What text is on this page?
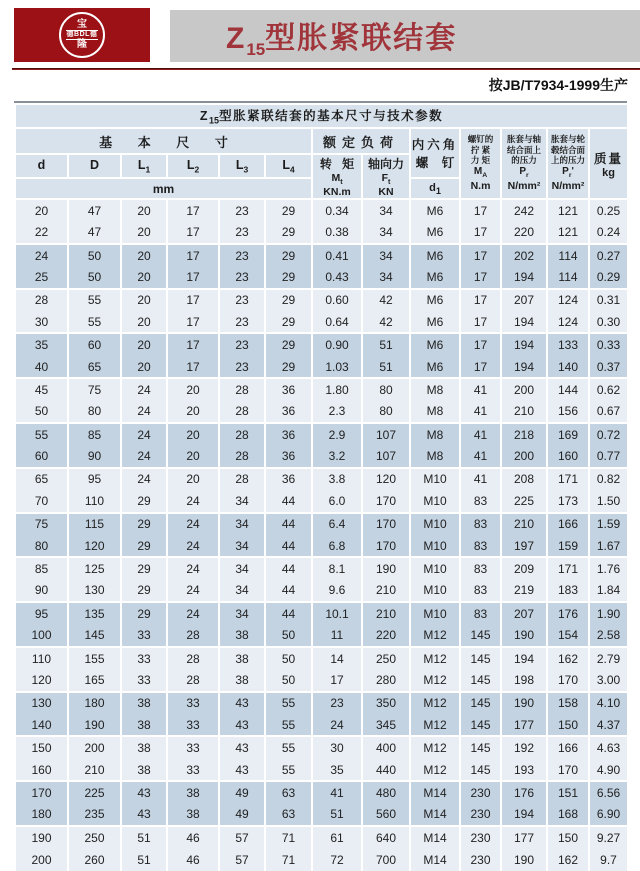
宝
德BDL德
隆	$Z_{15}$型胀紧联结套
按JB/T7934-1999生产
$Z_{15}$型胀紧联结套的基本尺寸与技术参数												
基 本 尺 寸	额定负荷	内六角
螺 钉

螺钉的
拧 紧
力 矩
$M_A$
N.m

胀套与轴
结合面上
的压力
$P_r$
N/mm²

胀套与轮
毂结合面
上的压力
$P_r'$
N/mm²

质量
kg

d	D	$L_1$	$L_2$	$L_3$	$L_4$	转 矩
$M_t$
KN.m

轴向力
$F_t$
KN

mm								$d_1$
20	47	20	17	23	29	0.34	34	M6	17	242	121	0.25
22	47	20	17	23	29	0.38	34	M6	17	220	121	0.24
24	50	20	17	23	29	0.41	34	M6	17	202	114	0.27
25	50	20	17	23	29	0.43	34	M6	17	194	114	0.29
28	55	20	17	23	29	0.60	42	M6	17	207	124	0.31
30	55	20	17	23	29	0.64	42	M6	17	194	124	0.30
35	60	20	17	23	29	0.90	51	M6	17	194	133	0.33
40	65	20	17	23	29	1.03	51	M6	17	194	140	0.37
45	75	24	20	28	36	1.80	80	M8	41	200	144	0.62
50	80	24	20	28	36	2.3	80	M8	41	210	156	0.67
55	85	24	20	28	36	2.9	107	M8	41	218	169	0.72
60	90	24	20	28	36	3.2	107	M8	41	200	160	0.77
65	95	24	20	28	36	3.8	120	M10	41	208	171	0.82
70	110	29	24	34	44	6.0	170	M10	83	225	173	1.50
75	115	29	24	34	44	6.4	170	M10	83	210	166	1.59
80	120	29	24	34	44	6.8	170	M10	83	197	159	1.67
85	125	29	24	34	44	8.1	190	M10	83	209	171	1.76
90	130	29	24	34	44	9.6	210	M10	83	219	183	1.84
95	135	29	24	34	44	10.1	210	M10	83	207	176	1.90
100	145	33	28	38	50	11	220	M12	145	190	154	2.58
110	155	33	28	38	50	14	250	M12	145	194	162	2.79
120	165	33	28	38	50	17	280	M12	145	198	170	3.00
130	180	38	33	43	55	23	350	M12	145	190	158	4.10
140	190	38	33	43	55	24	345	M12	145	177	150	4.37
150	200	38	33	43	55	30	400	M12	145	192	166	4.63
160	210	38	33	43	55	35	440	M12	145	193	170	4.90
170	225	43	38	49	63	41	480	M14	230	176	151	6.56
180	235	43	38	49	63	51	560	M14	230	194	168	6.90
190	250	51	46	57	71	61	640	M14	230	177	150	9.27
200	260	51	46	57	71	72	700	M14	230	190	162	9.7
